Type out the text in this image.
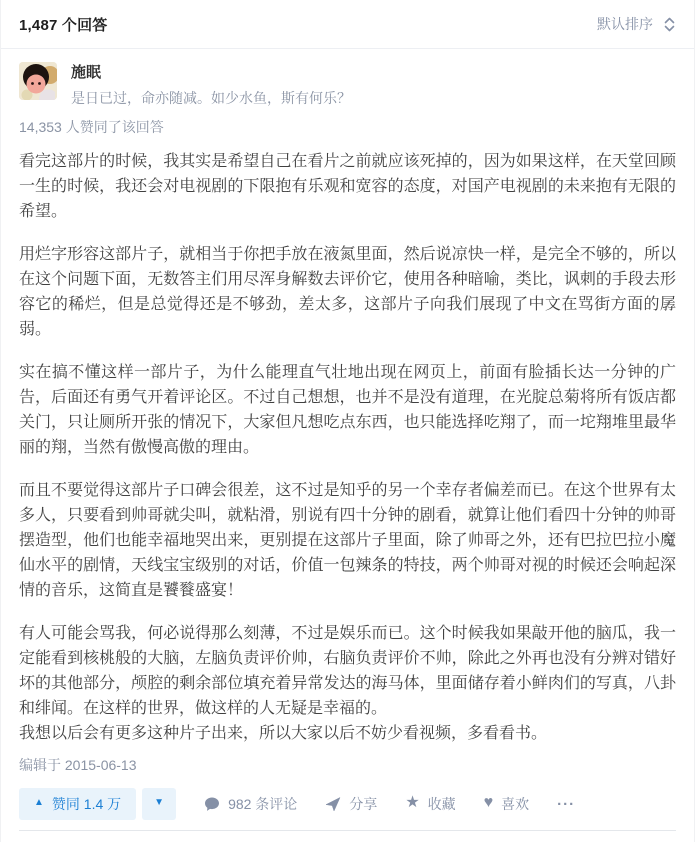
1,487 个回答	默认排序
施眠
是日已过，命亦随减。如少水鱼，斯有何乐？
14,353 人赞同了该回答

看完这部片的时候，我其实是希望自己在看片之前就应该死掉的，因为如果这样，在天堂回顾一生的时候，我还会对电视剧的下限抱有乐观和宽容的态度，对国产电视剧的未来抱有无限的希望。

用烂字形容这部片子，就相当于你把手放在液氮里面，然后说凉快一样，是完全不够的，所以在这个问题下面，无数答主们用尽浑身解数去评价它，使用各种暗喻，类比，讽刺的手段去形容它的稀烂，但是总觉得还是不够劲，差太多，这部片子向我们展现了中文在骂街方面的孱弱。

实在搞不懂这样一部片子，为什么能理直气壮地出现在网页上，前面有脸插长达一分钟的广告，后面还有勇气开着评论区。不过自己想想，也并不是没有道理，在光腚总菊将所有饭店都关门，只让厕所开张的情况下，大家但凡想吃点东西，也只能选择吃翔了，而一坨翔堆里最华丽的翔，当然有傲慢高傲的理由。

而且不要觉得这部片子口碑会很差，这不过是知乎的另一个幸存者偏差而已。在这个世界有太多人，只要看到帅哥就尖叫，就粘滑，别说有四十分钟的剧看，就算让他们看四十分钟的帅哥摆造型，他们也能幸福地哭出来，更别提在这部片子里面，除了帅哥之外，还有巴拉巴拉小魔仙水平的剧情，天线宝宝级别的对话，价值一包辣条的特技，两个帅哥对视的时候还会响起深情的音乐，这简直是饕餮盛宴！

有人可能会骂我，何必说得那么刻薄，不过是娱乐而已。这个时候我如果敲开他的脑瓜，我一定能看到核桃般的大脑，左脑负责评价帅，右脑负责评价不帅，除此之外再也没有分辨对错好坏的其他部分，颅腔的剩余部位填充着异常发达的海马体，里面储存着小鲜肉们的写真，八卦和绯闻。在这样的世界，做这样的人无疑是幸福的。

我想以后会有更多这种片子出来，所以大家以后不妨少看视频，多看看书。

编辑于 2015-06-13
▲ 赞同 1.4 万	▼	982 条评论	分享 ★ 收藏 ♥ 喜欢 ···
